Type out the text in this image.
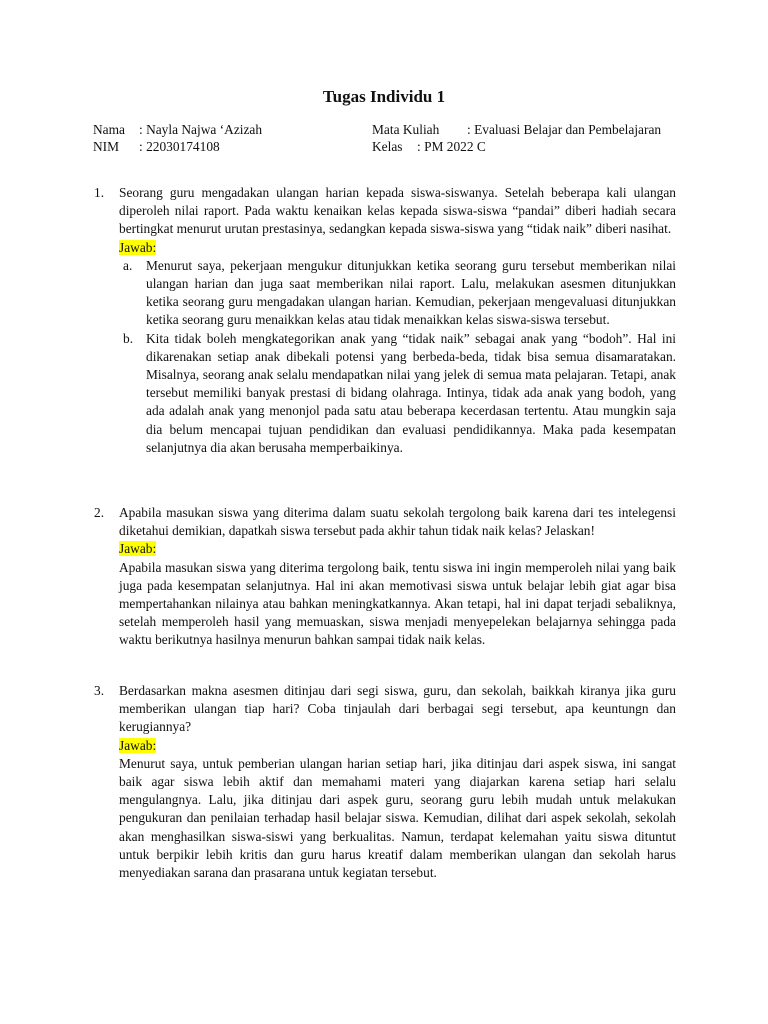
Tugas Individu 1
Nama : Nayla Najwa ‘Azizah
NIM : 22030174108
Mata Kuliah : Evaluasi Belajar dan Pembelajaran
Kelas : PM 2022 C
1.	Seorang guru mengadakan ulangan harian kepada siswa-siswanya. Setelah beberapa kali ulangan diperoleh nilai raport. Pada waktu kenaikan kelas kepada siswa-siswa “pandai” diberi hadiah secara bertingkat menurut urutan prestasinya, sedangkan kepada siswa-siswa yang “tidak naik” diberi nasihat.
Jawab:
a. Menurut saya, pekerjaan mengukur ditunjukkan ketika seorang guru tersebut memberikan nilai ulangan harian dan juga saat memberikan nilai raport. Lalu, melakukan asesmen ditunjukkan ketika seorang guru mengadakan ulangan harian. Kemudian, pekerjaan mengevaluasi ditunjukkan ketika seorang guru menaikkan kelas atau tidak menaikkan kelas siswa-siswa tersebut.
b. Kita tidak boleh mengkategorikan anak yang “tidak naik” sebagai anak yang “bodoh”. Hal ini dikarenakan setiap anak dibekali potensi yang berbeda-beda, tidak bisa semua disamaratakan. Misalnya, seorang anak selalu mendapatkan nilai yang jelek di semua mata pelajaran. Tetapi, anak tersebut memiliki banyak prestasi di bidang olahraga. Intinya, tidak ada anak yang bodoh, yang ada adalah anak yang menonjol pada satu atau beberapa kecerdasan tertentu. Atau mungkin saja dia belum mencapai tujuan pendidikan dan evaluasi pendidikannya. Maka pada kesempatan selanjutnya dia akan berusaha memperbaikinya.
2.	Apabila masukan siswa yang diterima dalam suatu sekolah tergolong baik karena dari tes intelegensi diketahui demikian, dapatkah siswa tersebut pada akhir tahun tidak naik kelas? Jelaskan!
Jawab:
Apabila masukan siswa yang diterima tergolong baik, tentu siswa ini ingin memperoleh nilai yang baik juga pada kesempatan selanjutnya. Hal ini akan memotivasi siswa untuk belajar lebih giat agar bisa mempertahankan nilainya atau bahkan meningkatkannya. Akan tetapi, hal ini dapat terjadi sebaliknya, setelah memperoleh hasil yang memuaskan, siswa menjadi menyepelekan belajarnya sehingga pada waktu berikutnya hasilnya menurun bahkan sampai tidak naik kelas.
3.	Berdasarkan makna asesmen ditinjau dari segi siswa, guru, dan sekolah, baikkah kiranya jika guru memberikan ulangan tiap hari? Coba tinjaulah dari berbagai segi tersebut, apa keuntungn dan kerugiannya?
Jawab:
Menurut saya, untuk pemberian ulangan harian setiap hari, jika ditinjau dari aspek siswa, ini sangat baik agar siswa lebih aktif dan memahami materi yang diajarkan karena setiap hari selalu mengulangnya. Lalu, jika ditinjau dari aspek guru, seorang guru lebih mudah untuk melakukan pengukuran dan penilaian terhadap hasil belajar siswa. Kemudian, dilihat dari aspek sekolah, sekolah akan menghasilkan siswa-siswi yang berkualitas. Namun, terdapat kelemahan yaitu siswa dituntut untuk berpikir lebih kritis dan guru harus kreatif dalam memberikan ulangan dan sekolah harus menyediakan sarana dan prasarana untuk kegiatan tersebut.
